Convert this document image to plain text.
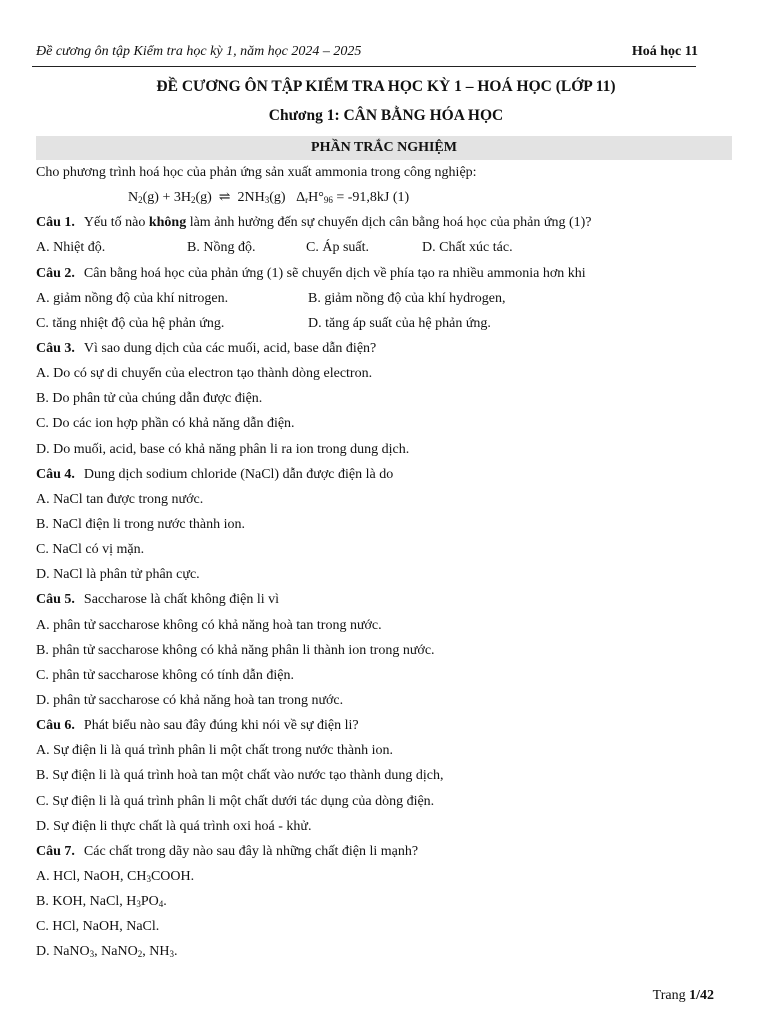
Đề cương ôn tập Kiểm tra học kỳ 1, năm học 2024 – 2025	Hoá học 11
ĐỀ CƯƠNG ÔN TẬP KIỂM TRA HỌC KỲ 1 – HOÁ HỌC (LỚP 11)
Chương 1: CÂN BẰNG HÓA HỌC
PHẦN TRẮC NGHIỆM
Cho phương trình hoá học của phản ứng sản xuất ammonia trong công nghiệp:
$N_2(g) + 3H_2(g)$ ⇌ $2NH_3(g) \Delta_rH^\circ_{96} = -91,8kJ$ (1)
Câu 1. Yếu tố nào không làm ảnh hưởng đến sự chuyển dịch cân bằng hoá học của phản ứng (1)?
A. Nhiệt độ.	B. Nồng độ.	C. Áp suất.	D. Chất xúc tác.
Câu 2. Cân bằng hoá học của phản ứng (1) sẽ chuyển dịch về phía tạo ra nhiều ammonia hơn khi
A. giảm nồng độ của khí nitrogen.	B. giảm nồng độ của khí hydrogen,
C. tăng nhiệt độ của hệ phản ứng.	D. tăng áp suất của hệ phản ứng.
Câu 3. Vì sao dung dịch của các muối, acid, base dẫn điện?
A. Do có sự di chuyển của electron tạo thành dòng electron.
B. Do phân tử của chúng dẫn được điện.
C. Do các ion hợp phần có khả năng dẫn điện.
D. Do muối, acid, base có khả năng phân li ra ion trong dung dịch.
Câu 4. Dung dịch sodium chloride (NaCl) dẫn được điện là do
A. NaCl tan được trong nước.
B. NaCl điện li trong nước thành ion.
C. NaCl có vị mặn.
D. NaCl là phân tử phân cực.
Câu 5. Saccharose là chất không điện li vì
A. phân tử saccharose không có khả năng hoà tan trong nước.
B. phân tử saccharose không có khả năng phân li thành ion trong nước.
C. phân tử saccharose không có tính dẫn điện.
D. phân tử saccharose có khả năng hoà tan trong nước.
Câu 6. Phát biểu nào sau đây đúng khi nói về sự điện li?
A. Sự điện li là quá trình phân li một chất trong nước thành ion.
B. Sự điện li là quá trình hoà tan một chất vào nước tạo thành dung dịch,
C. Sự điện li là quá trình phân li một chất dưới tác dụng của dòng điện.
D. Sự điện li thực chất là quá trình oxi hoá - khử.
Câu 7. Các chất trong dãy nào sau đây là những chất điện li mạnh?
A. HCl, NaOH, $CH_3COOH$.
B. KOH, NaCl, $H_3PO_4$.
C. HCl, NaOH, NaCl.
D. NaNO$_3$, NaNO$_2$, $NH_3$.
Trang 1/42
